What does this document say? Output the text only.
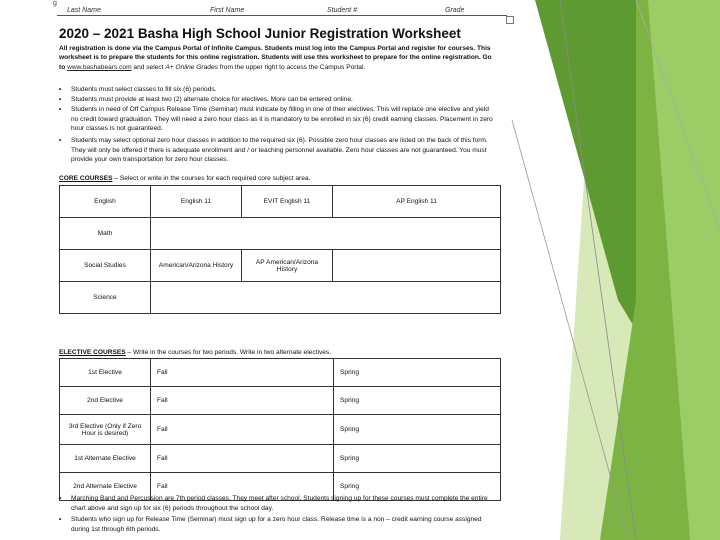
g
Last Name	First Name	Student #	Grade
2020 – 2021 Basha High School Junior Registration Worksheet
All registration is done via the Campus Portal of Infinite Campus. Students must log into the Campus Portal and register for courses. This worksheet is to prepare the students for this online registration. Students will use this worksheet to prepare for the online registration. Go to www.bashabears.com and select A+ Online Grades from the upper right to access the Campus Portal.
• Students must select classes to fill six (6) periods.
• Students must provide at least two (2) alternate choice for electives. More can be entered online.
• Students in need of Off Campus Release Time (Seminar) must indicate by filling in one of their electives. This will replace one elective and yield no credit toward graduation. They will need a zero hour class as it is mandatory to be enrolled in six (6) credit earning classes. Placement in zero hour classes is not guaranteed.
• Students may select optional zero hour classes in addition to the required six (6). Possible zero hour classes are listed on the back of this form. They will only be offered if there is adequate enrollment and / or teaching personnel available. Zero hour classes are not guaranteed. You must provide your own transportation for zero hour classes.
CORE COURSES – Select or write in the courses for each required core subject area.
English	English 11	EVIT English 11	AP English 11
Math			
Social Studies	American/Arizona History	AP American/Arizona History	
Science			
ELECTIVE COURSES – Write in the courses for two periods. Write in two alternate electives.
1st Elective	Fall	Spring
2nd Elective	Fall	Spring
3rd Elective (Only if Zero Hour is desired)	Fall	Spring
1st Alternate Elective	Fall	Spring
2nd Alternate Elective	Fall	Spring
• Marching Band and Percussion are 7th period classes. They meet after school. Students signing up for these courses must complete the entire chart above and sign up for six (6) periods throughout the school day.
• Students who sign up for Release Time (Seminar) must sign up for a zero hour class. Release time is a non – credit earning course assigned during 1st through 6th periods.
